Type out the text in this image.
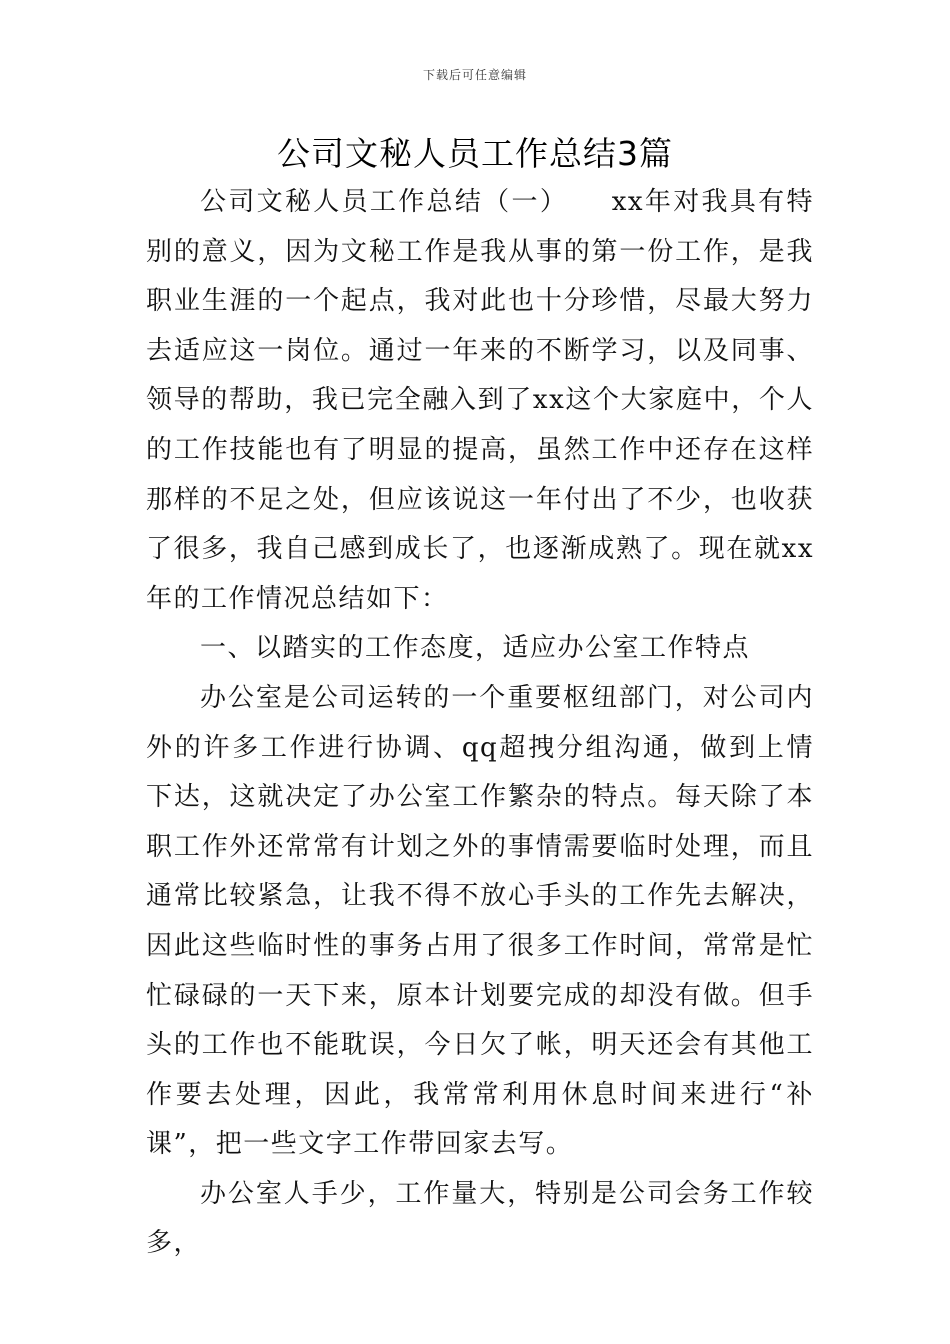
下载后可任意编辑
公司文秘人员工作总结3篇

公司文秘人员工作总结（一）　　xx年对我具有特别的意义，因为文秘工作是我从事的第一份工作，是我职业生涯的一个起点，我对此也十分珍惜，尽最大努力去适应这一岗位。通过一年来的不断学习，以及同事、领导的帮助，我已完全融入到了xx这个大家庭中，个人的工作技能也有了明显的提高，虽然工作中还存在这样那样的不足之处，但应该说这一年付出了不少，也收获了很多，我自己感到成长了，也逐渐成熟了。现在就xx年的工作情况总结如下：

一、以踏实的工作态度，适应办公室工作特点

办公室是公司运转的一个重要枢纽部门，对公司内外的许多工作进行协调、qq超拽分组沟通，做到上情下达，这就决定了办公室工作繁杂的特点。每天除了本职工作外还常常有计划之外的事情需要临时处理，而且通常比较紧急，让我不得不放心手头的工作先去解决，因此这些临时性的事务占用了很多工作时间，常常是忙忙碌碌的一天下来，原本计划要完成的却没有做。但手头的工作也不能耽误，今日欠了帐，明天还会有其他工作要去处理，因此，我常常利用休息时间来进行“补课”，把一些文字工作带回家去写。

办公室人手少，工作量大，特别是公司会务工作较多，
